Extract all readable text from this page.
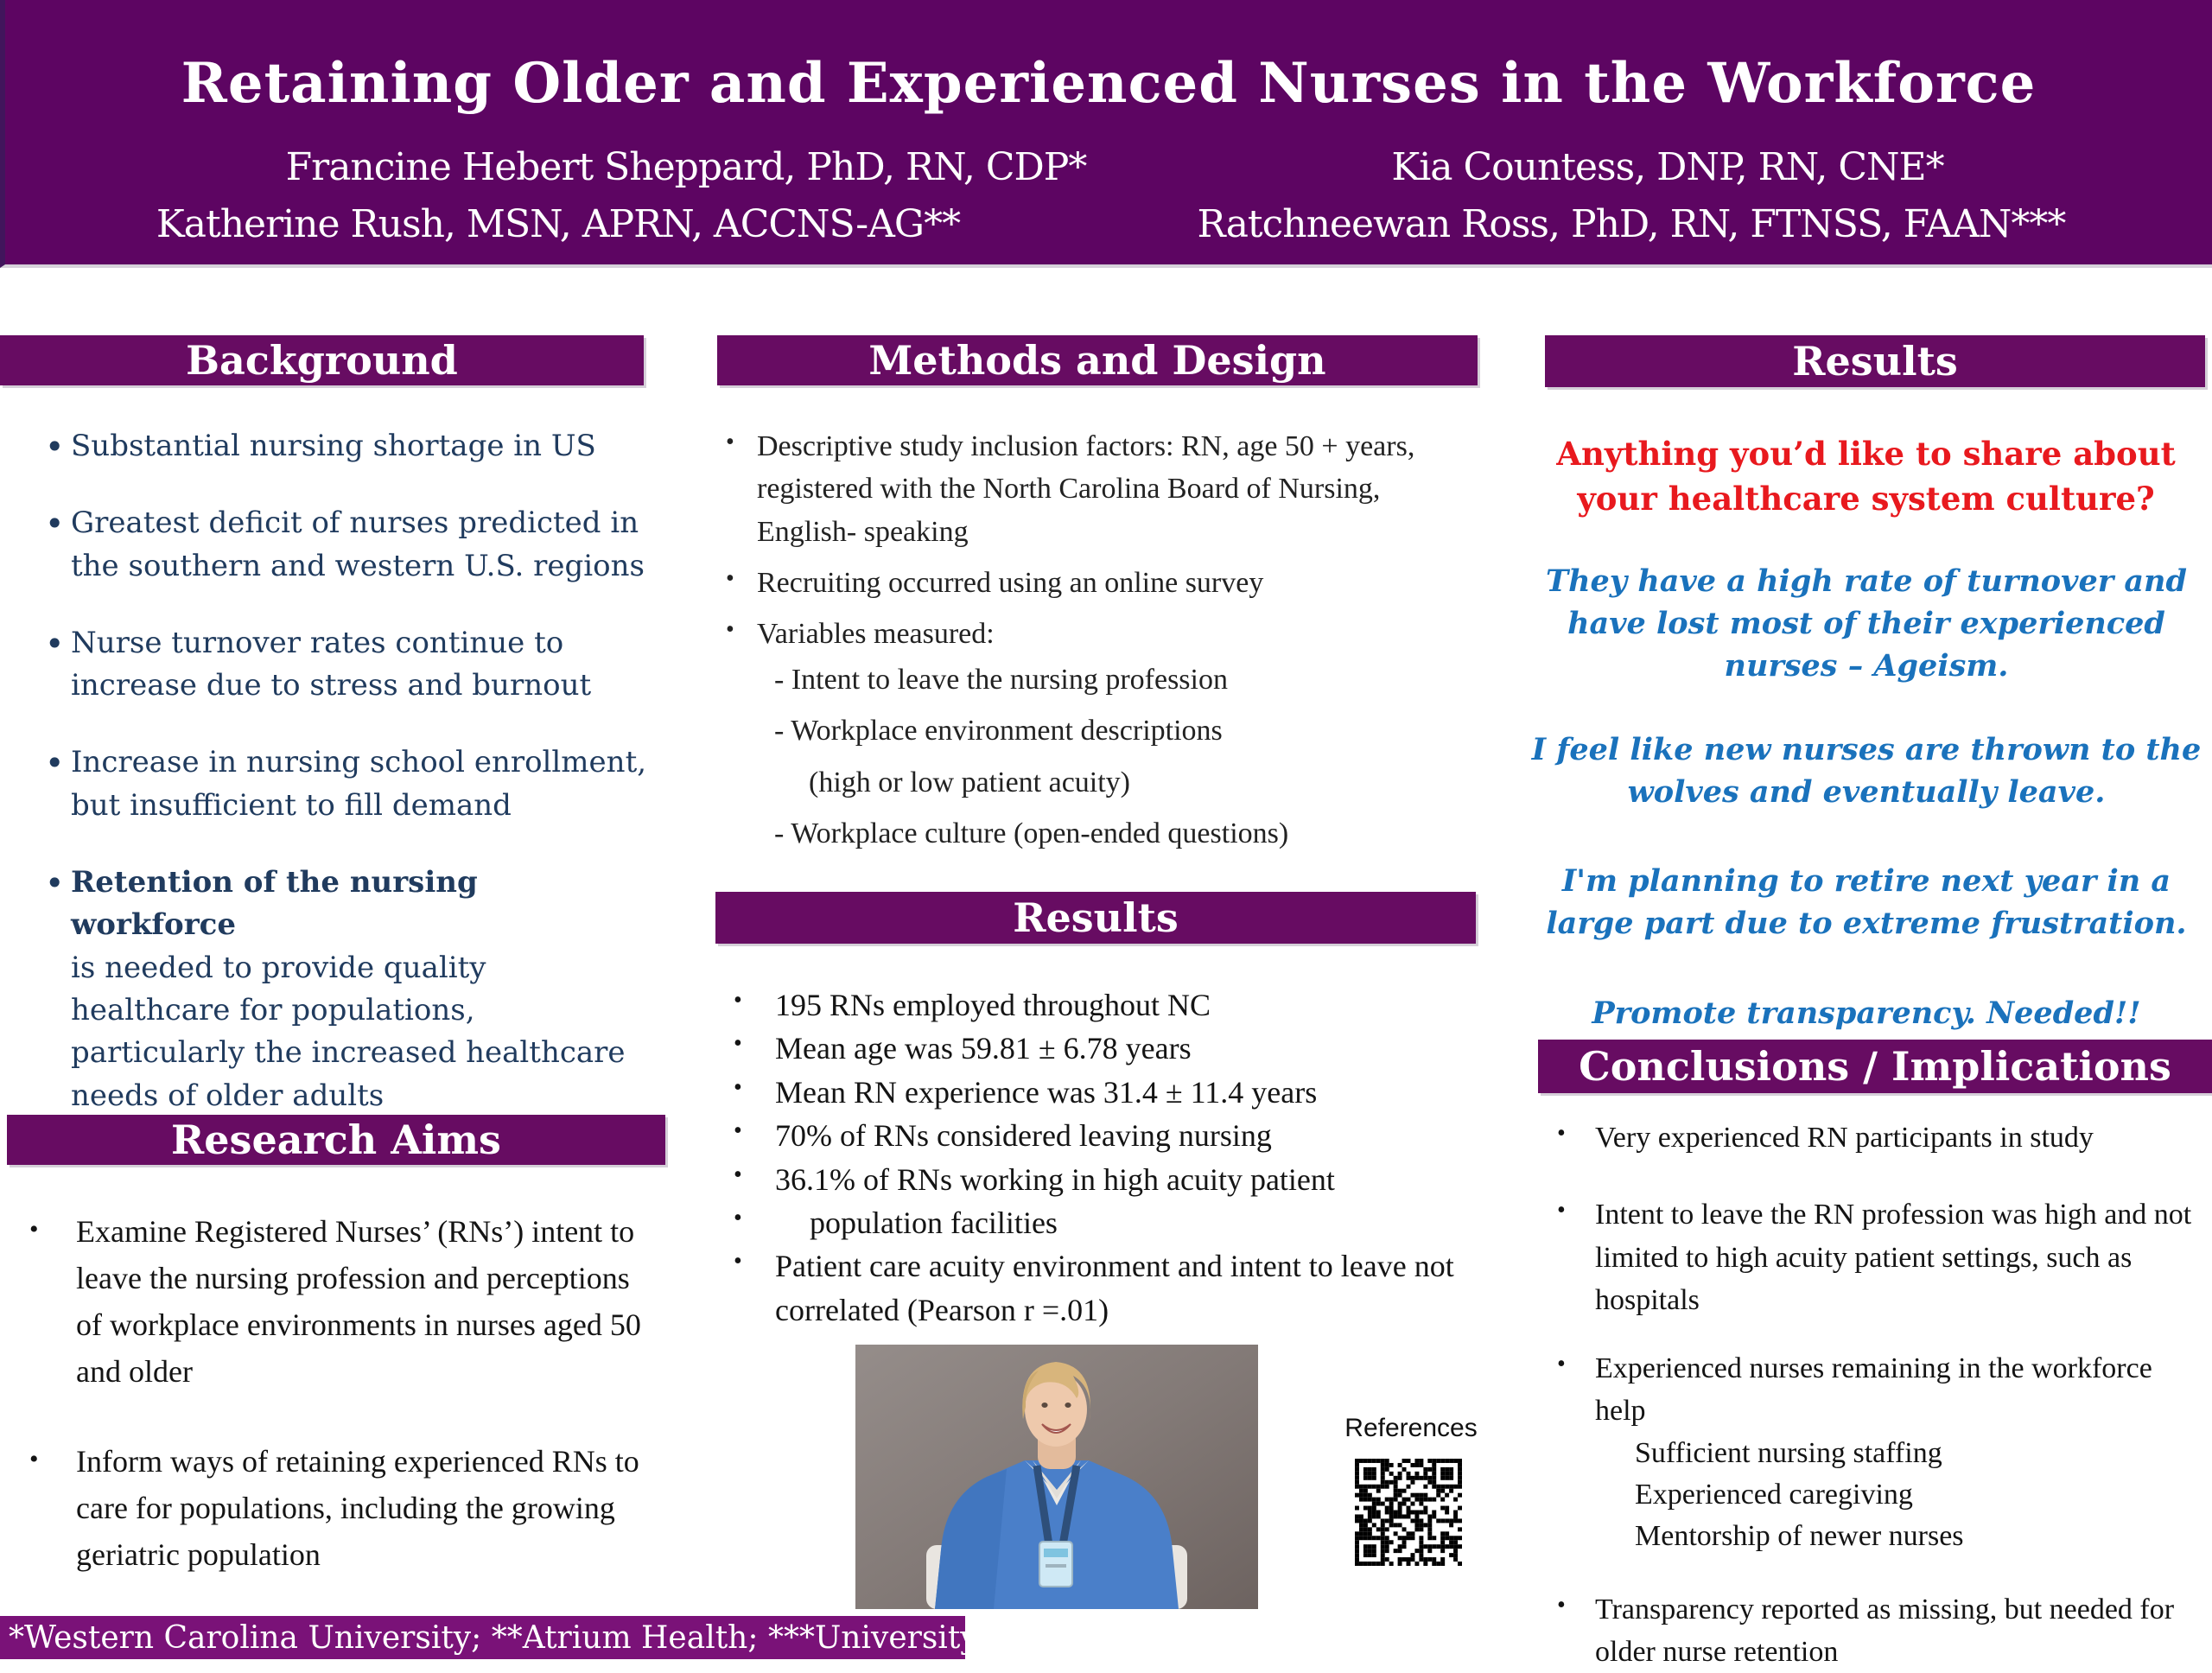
Retaining Older and Experienced Nurses in the Workforce
Francine Hebert Sheppard, PhD, RN, CDP*	Kia Countess, DNP, RN, CNE*
Katherine Rush, MSN, APRN, ACCNS-AG**	Ratchneewan Ross, PhD, RN, FTNSS, FAAN***
Background
• Substantial nursing shortage in US
• Greatest deficit of nurses predicted in the southern and western U.S. regions
• Nurse turnover rates continue to increase due to stress and burnout
• Increase in nursing school enrollment, but insufficient to fill demand
• Retention of the nursing workforce
is needed to provide quality healthcare for populations, particularly the increased healthcare needs of older adults
Research Aims
• Examine Registered Nurses’ (RNs’) intent to leave the nursing profession and perceptions of workplace environments in nurses aged 50 and older
• Inform ways of retaining experienced RNs to care for populations, including the growing geriatric population
Methods and Design
• Descriptive study inclusion factors: RN, age 50 + years, registered with the North Carolina Board of Nursing, English- speaking
• Recruiting occurred using an online survey
• Variables measured:
- Intent to leave the nursing profession
- Workplace environment descriptions
(high or low patient acuity)
- Workplace culture (open-ended questions)
Results
• 195 RNs employed throughout NC
• Mean age was 59.81 ± 6.78 years
• Mean RN experience was 31.4 ± 11.4 years
• 70% of RNs considered leaving nursing
• 36.1% of RNs working in high acuity patient
• population facilities
• Patient care acuity environment and intent to leave not correlated (Pearson r =.01)
References
Results
Anything you’d like to share about your healthcare system culture?
They have a high rate of turnover and have lost most of their experienced nurses – Ageism.
I feel like new nurses are thrown to the wolves and eventually leave.
I'm planning to retire next year in a large part due to extreme frustration.
Promote transparency. Needed!!
Conclusions / Implications
• Very experienced RN participants in study
• Intent to leave the RN profession was high and not limited to high acuity patient settings, such as hospitals
• Experienced nurses remaining in the workforce help
Sufficient nursing staffing
Experienced caregiving
Mentorship of newer nurses
• Transparency reported as missing, but needed for older nurse retention
*Western Carolina University; **Atrium Health; ***University of Louisville
